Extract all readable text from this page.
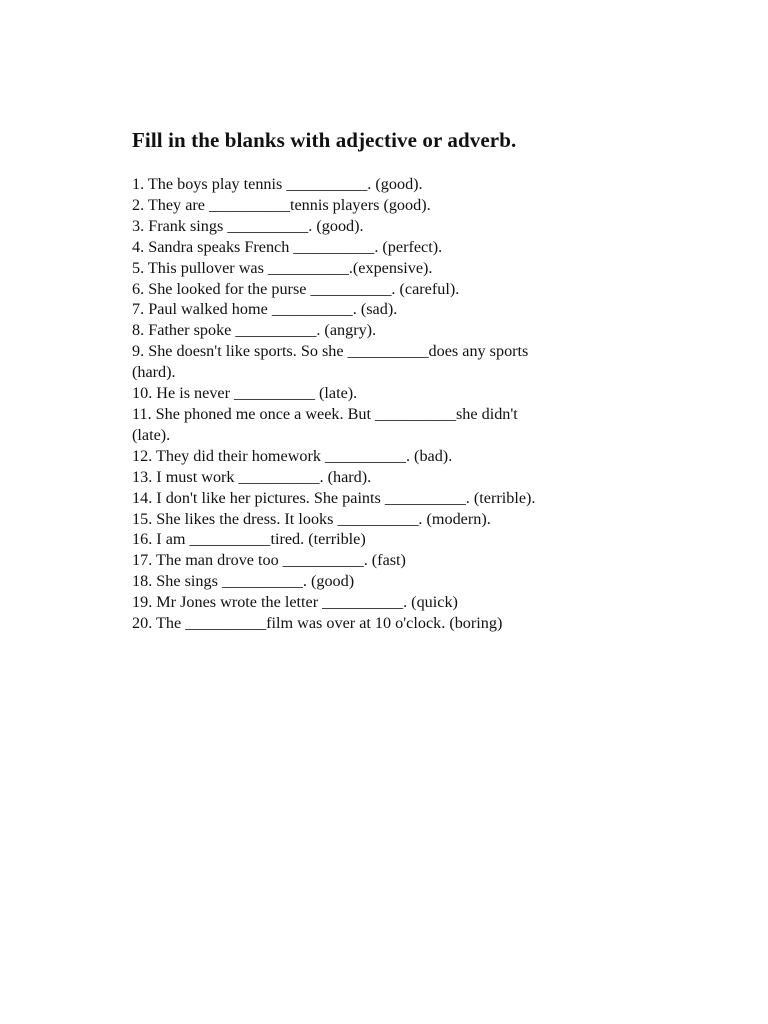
Fill in the blanks with adjective or adverb.
1. The boys play tennis __________. (good).
2. They are __________tennis players (good).
3. Frank sings __________. (good).
4. Sandra speaks French __________. (perfect).
5. This pullover was __________.(expensive).
6. She looked for the purse __________. (careful).
7. Paul walked home __________. (sad).
8. Father spoke __________. (angry).
9. She doesn't like sports. So she __________does any sports
(hard).
10. He is never __________ (late).
11. She phoned me once a week. But __________she didn't
(late).
12. They did their homework __________. (bad).
13. I must work __________. (hard).
14. I don't like her pictures. She paints __________. (terrible).
15. She likes the dress. It looks __________. (modern).
16. I am __________tired. (terrible)
17. The man drove too __________. (fast)
18. She sings __________. (good)
19. Mr Jones wrote the letter __________. (quick)
20. The __________film was over at 10 o'clock. (boring)
